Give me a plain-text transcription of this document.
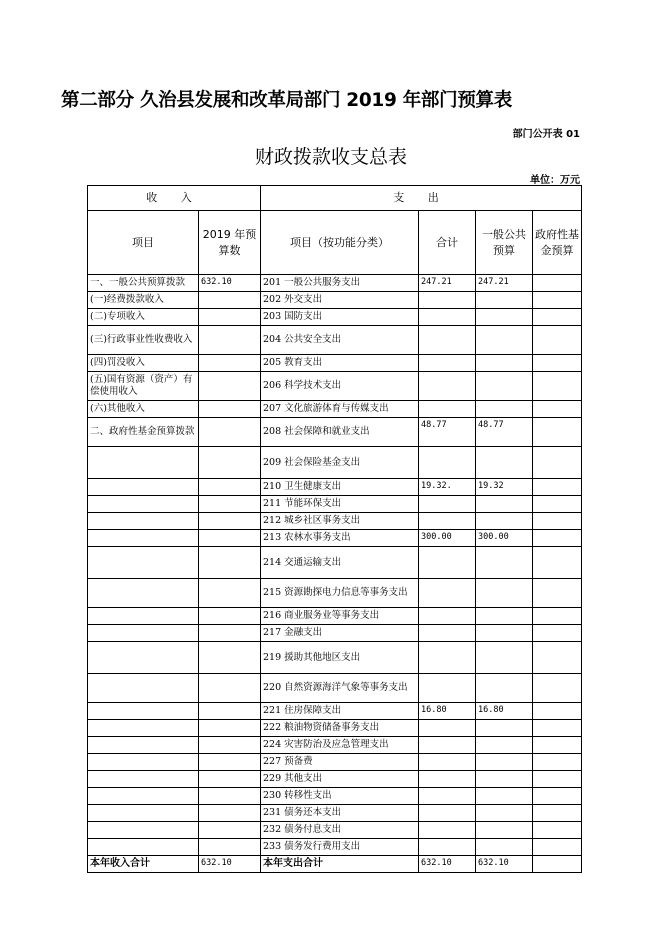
第二部分 久治县发展和改革局部门 2019 年部门预算表
部门公开表 01
财政拨款收支总表
单位：万元
收 入		支 出			
项目	2019 年预算数	项目（按功能分类）	合计	一般公共预算	政府性基金预算
一、一般公共预算拨款	632.10	201 一般公共服务支出	247.21	247.21	
(一)经费拨款收入		202 外交支出			
(二)专项收入		203 国防支出			
(三)行政事业性收费收入		204 公共安全支出			
(四)罚没收入		205 教育支出			
(五)国有资源（资产）有偿使用收入		206 科学技术支出			
(六)其他收入		207 文化旅游体育与传媒支出			
二、政府性基金预算拨款		208 社会保障和就业支出	48.77	48.77	
		209 社会保险基金支出			
		210 卫生健康支出	19.32.	19.32	
		211 节能环保支出			
		212 城乡社区事务支出			
		213 农林水事务支出	300.00	300.00	
		214 交通运输支出			
		215 资源勘探电力信息等事务支出			
		216 商业服务业等事务支出			
		217 金融支出			
		219 援助其他地区支出			
		220 自然资源海洋气象等事务支出			
		221 住房保障支出	16.80	16.80	
		222 粮油物资储备事务支出			
		224 灾害防治及应急管理支出			
		227 预备费			
		229 其他支出			
		230 转移性支出			
		231 债务还本支出			
		232 债务付息支出			
		233 债务发行费用支出			
本年收入合计	632.10	本年支出合计	632.10	632.10	
